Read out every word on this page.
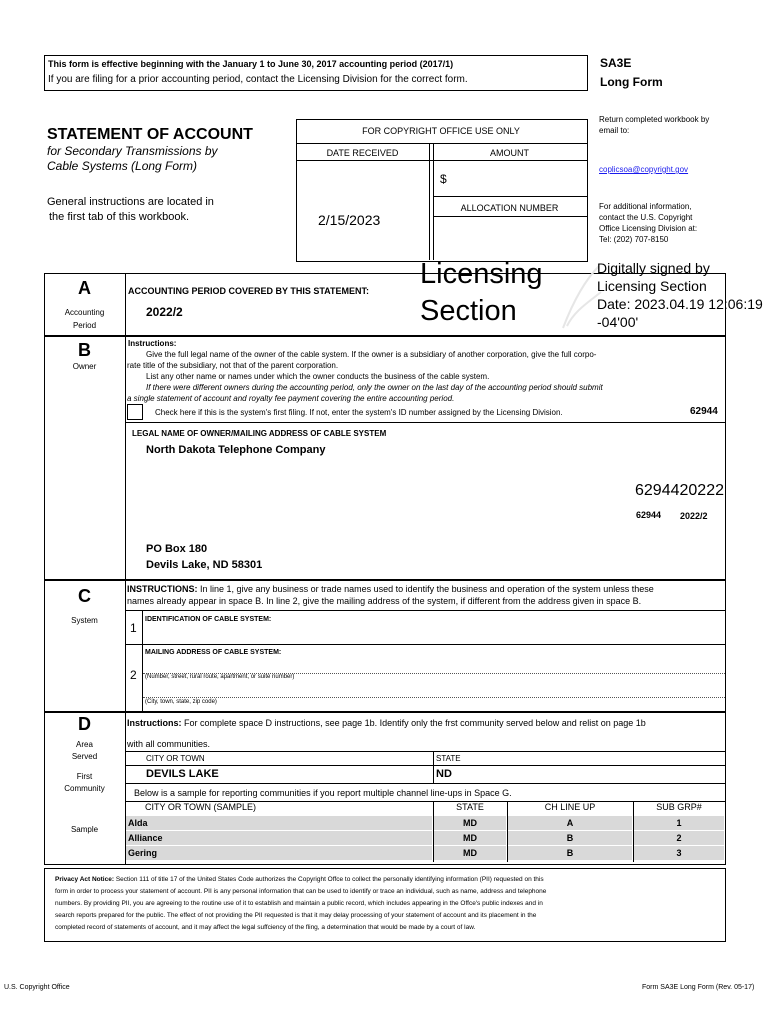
This form is effective beginning with the January 1 to June 30, 2017 accounting period (2017/1)
If you are filing for a prior accounting period, contact the Licensing Division for the correct form.
SA3E
Long Form
STATEMENT OF ACCOUNT
for Secondary Transmissions by
Cable Systems (Long Form)
General instructions are located in
the first tab of this workbook.
FOR COPYRIGHT OFFICE USE ONLY
DATE RECEIVED	AMOUNT
$
ALLOCATION NUMBER
2/15/2023
Return completed workbook by email to:
coplicsoa@copyright.gov
For additional information,
contact the U.S. Copyright
Office Licensing Division at:
Tel: (202) 707-8150
A
Accounting
Period
ACCOUNTING PERIOD COVERED BY THIS STATEMENT:
2022/2
Licensing
Section
Digitally signed by
Licensing Section
Date: 2023.04.19 12:06:19
-04'00'
B
Owner
Instructions:
Give the full legal name of the owner of the cable system. If the owner is a subsidiary of another corporation, give the full corpo-
rate title of the subsidiary, not that of the parent corporation.
List any other name or names under which the owner conducts the business of the cable system.
If there were different owners during the accounting period, only the owner on the last day of the accounting period should submit
a single statement of account and royalty fee payment covering the entire accounting period.
Check here if this is the system's first filing. If not, enter the system's ID number assigned by the Licensing Division.	62944
LEGAL NAME OF OWNER/MAILING ADDRESS OF CABLE SYSTEM
North Dakota Telephone Company
6294420222
62944 2022/2
PO Box 180
Devils Lake, ND 58301
C
System
INSTRUCTIONS: In line 1, give any business or trade names used to identify the business and operation of the system unless these
names already appear in space B. In line 2, give the mailing address of the system, if different from the address given in space B.
1
IDENTIFICATION OF CABLE SYSTEM:
MAILING ADDRESS OF CABLE SYSTEM:
2 (Number, street, rural route, apartment, or suite number)
(City, town, state, zip code)
D
Area
Served
First
Community
Sample
Instructions: For complete space D instructions, see page 1b. Identify only the frst community served below and relist on page 1b
with all communities.
CITY OR TOWN	STATE
DEVILS LAKE	ND
Below is a sample for reporting communities if you report multiple channel line-ups in Space G.
CITY OR TOWN (SAMPLE)	STATE	CH LINE UP	SUB GRP#
Alda	MD	A	1
Alliance	MD	B	2
Gering	MD	B	3
Privacy Act Notice: Section 111 of title 17 of the United States Code authorizes the Copyright Offce to collect the personally identifying information (PII) requested on this
form in order to process your statement of account. PII is any personal information that can be used to identify or trace an individual, such as name, address and telephone
numbers. By providing PII, you are agreeing to the routine use of it to establish and maintain a public record, which includes appearing in the Offce's public indexes and in
search reports prepared for the public. The effect of not providing the PII requested is that it may delay processing of your statement of account and its placement in the
completed record of statements of account, and it may affect the legal suffciency of the fling, a determination that would be made by a court of law.
U.S. Copyright Office	Form SA3E Long Form (Rev. 05-17)
